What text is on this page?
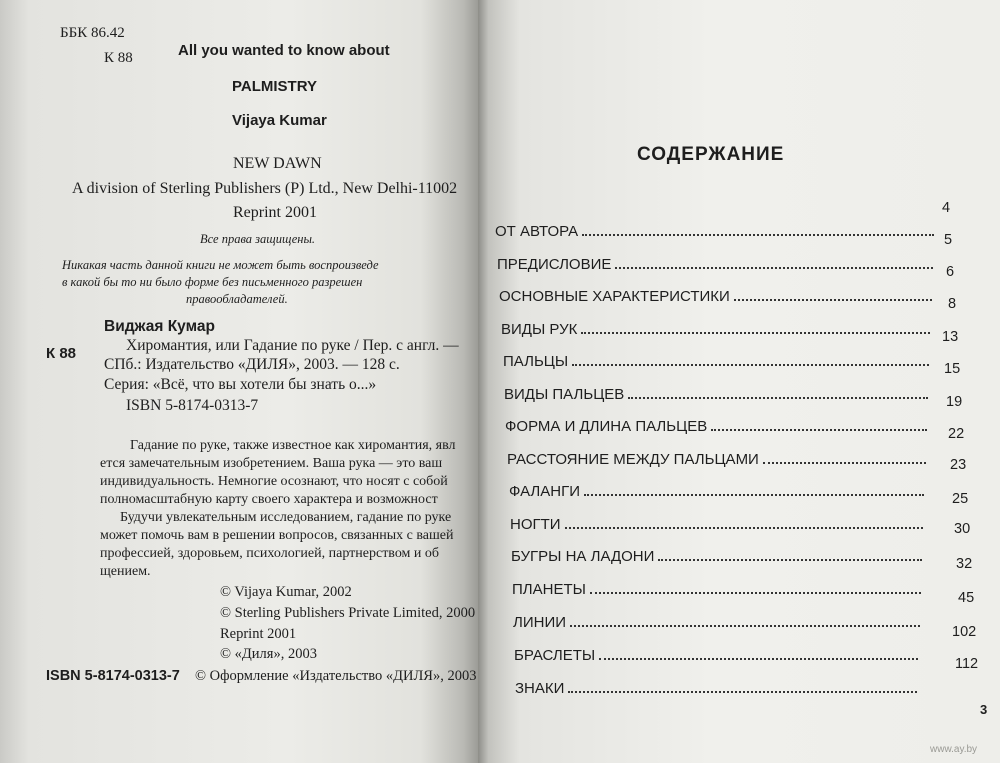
ББК 86.42
К 88	All you wanted to know about
PALMISTRY
Vijaya Kumar
NEW DAWN
A division of Sterling Publishers (P) Ltd., New Delhi-11002
Reprint 2001
Все права защищены.
Никакая часть данной книги не может быть воспроизведе
в какой бы то ни было форме без письменного разрешен
правообладателей.
Виджая Кумар
К 88	Хиромантия, или Гадание по руке / Пер. с англ. —
СПб.: Издательство «ДИЛЯ», 2003. — 128 с.
Серия: «Всё, что вы хотели бы знать о...»
ISBN 5-8174-0313-7
Гадание по руке, также известное как хиромантия, явл
ется замечательным изобретением. Ваша рука — это ваш
индивидуальность. Немногие осознают, что носят с собой
полномасштабную карту своего характера и возможност
Будучи увлекательным исследованием, гадание по руке
может помочь вам в решении вопросов, связанных с вашей
профессией, здоровьем, психологией, партнерством и об
щением.
© Vijaya Kumar, 2002
© Sterling Publishers Private Limited, 2000
Reprint 2001
© «Диля», 2003
© Оформление «Издательство «ДИЛЯ», 2003
ISBN 5-8174-0313-7
СОДЕРЖАНИЕ
ОТ АВТОРА
ПРЕДИСЛОВИЕ
ОСНОВНЫЕ ХАРАКТЕРИСТИКИ
ВИДЫ РУК
ПАЛЬЦЫ
ВИДЫ ПАЛЬЦЕВ
ФОРМА И ДЛИНА ПАЛЬЦЕВ
РАССТОЯНИЕ МЕЖДУ ПАЛЬЦАМИ
ФАЛАНГИ
НОГТИ
БУГРЫ НА ЛАДОНИ
ПЛАНЕТЫ
ЛИНИИ
БРАСЛЕТЫ
ЗНАКИ
4
5
6
8
13
15
19
22
23
25
30
32
45
102
112
3
www.ay.by
